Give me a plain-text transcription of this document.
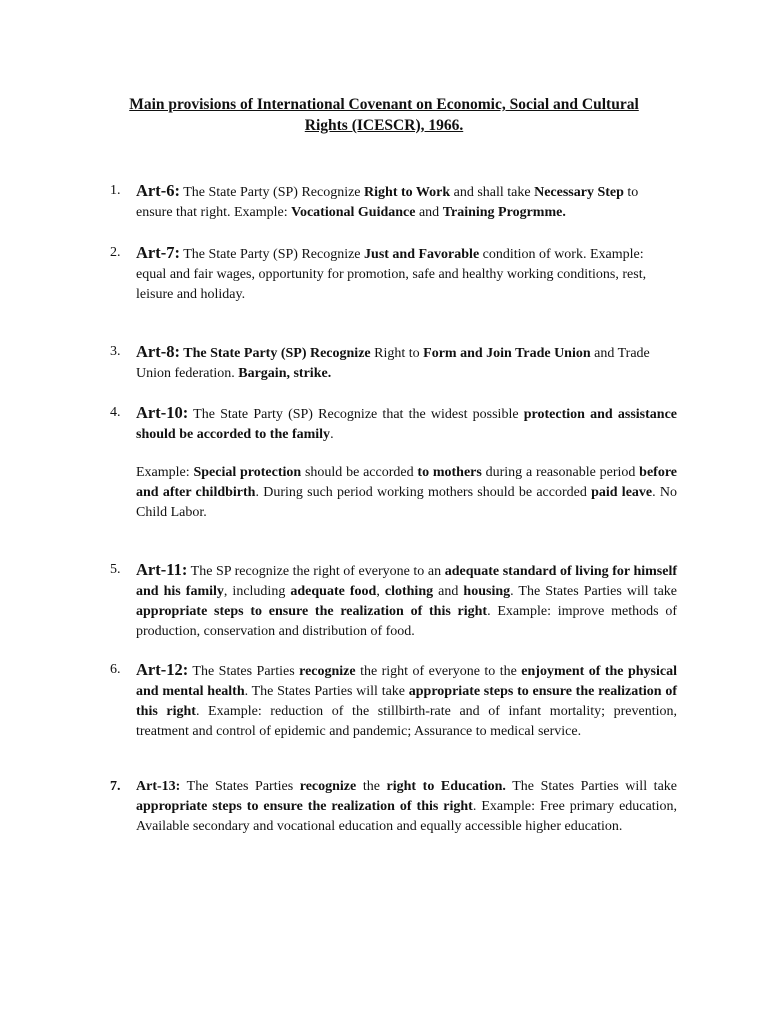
Main provisions of International Covenant on Economic, Social and Cultural
Rights (ICESCR), 1966.
1. Art-6: The State Party (SP) Recognize Right to Work and shall take Necessary Step to ensure that right. Example: Vocational Guidance and Training Progrmme.

2. Art-7: The State Party (SP) Recognize Just and Favorable condition of work. Example: equal and fair wages, opportunity for promotion, safe and healthy working conditions, rest, leisure and holiday.

3. Art-8: The State Party (SP) Recognize Right to Form and Join Trade Union and Trade Union federation. Bargain, strike.

4. Art-10: The State Party (SP) Recognize that the widest possible protection and assistance should be accorded to the family.

Example: Special protection should be accorded to mothers during a reasonable period before and after childbirth. During such period working mothers should be accorded paid leave. No Child Labor.

5. Art-11: The SP recognize the right of everyone to an adequate standard of living for himself and his family, including adequate food, clothing and housing. The States Parties will take appropriate steps to ensure the realization of this right. Example: improve methods of production, conservation and distribution of food.

6. Art-12: The States Parties recognize the right of everyone to the enjoyment of the physical and mental health. The States Parties will take appropriate steps to ensure the realization of this right. Example: reduction of the stillbirth-rate and of infant mortality; prevention, treatment and control of epidemic and pandemic; Assurance to medical service.

7. Art-13: The States Parties recognize the right to Education. The States Parties will take appropriate steps to ensure the realization of this right. Example: Free primary education, Available secondary and vocational education and equally accessible higher education.
